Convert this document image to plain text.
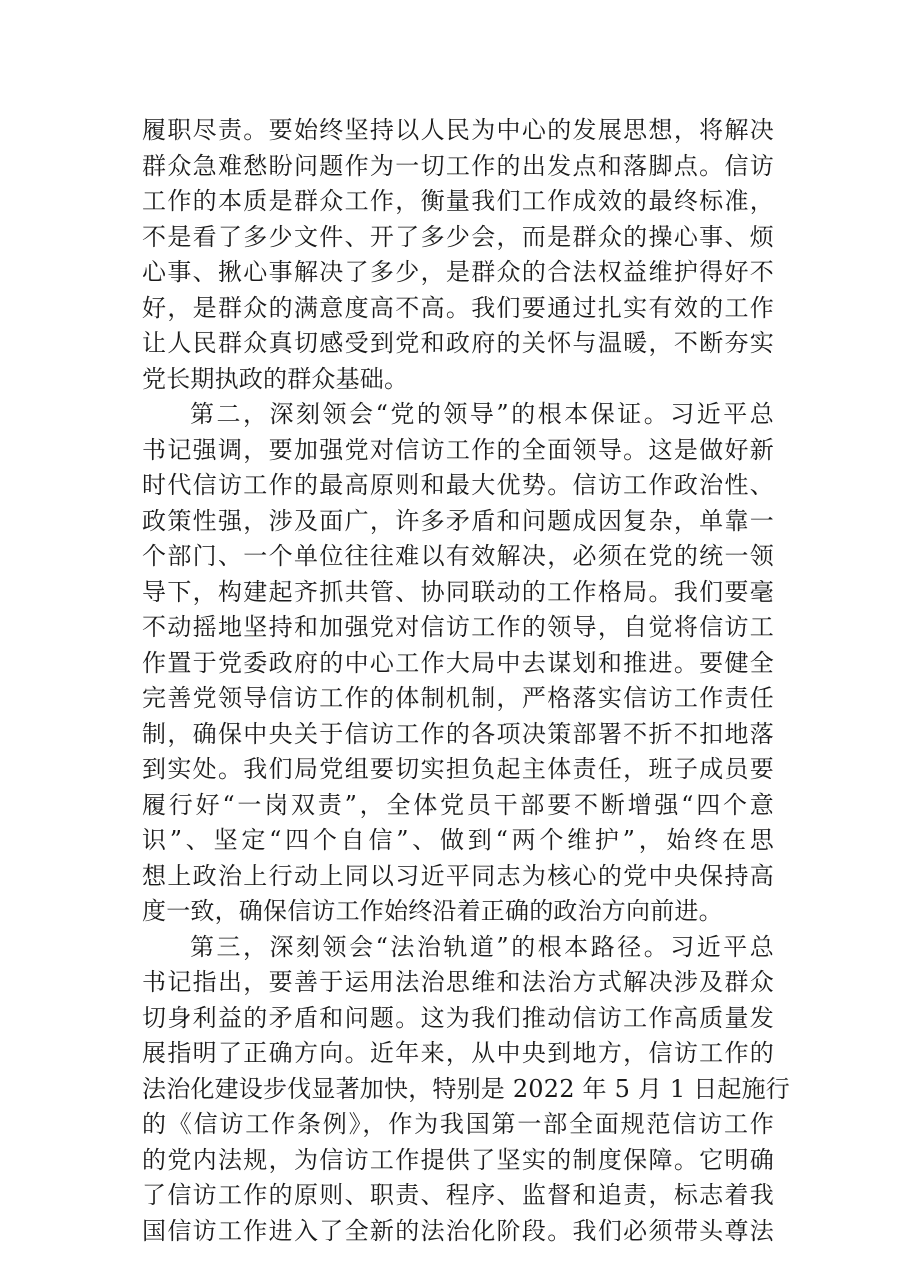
履职尽责。要始终坚持以人民为中心的发展思想，将解决
群众急难愁盼问题作为一切工作的出发点和落脚点。信访
工作的本质是群众工作，衡量我们工作成效的最终标准，
不是看了多少文件、开了多少会，而是群众的操心事、烦
心事、揪心事解决了多少，是群众的合法权益维护得好不
好，是群众的满意度高不高。我们要通过扎实有效的工作
让人民群众真切感受到党和政府的关怀与温暖，不断夯实
党长期执政的群众基础。
第二，深刻领会“党的领导”的根本保证。习近平总
书记强调，要加强党对信访工作的全面领导。这是做好新
时代信访工作的最高原则和最大优势。信访工作政治性、
政策性强，涉及面广，许多矛盾和问题成因复杂，单靠一
个部门、一个单位往往难以有效解决，必须在党的统一领
导下，构建起齐抓共管、协同联动的工作格局。我们要毫
不动摇地坚持和加强党对信访工作的领导，自觉将信访工
作置于党委政府的中心工作大局中去谋划和推进。要健全
完善党领导信访工作的体制机制，严格落实信访工作责任
制，确保中央关于信访工作的各项决策部署不折不扣地落
到实处。我们局党组要切实担负起主体责任，班子成员要
履行好“一岗双责”，全体党员干部要不断增强“四个意
识”、坚定“四个自信”、做到“两个维护”，始终在思
想上政治上行动上同以习近平同志为核心的党中央保持高
度一致，确保信访工作始终沿着正确的政治方向前进。
第三，深刻领会“法治轨道”的根本路径。习近平总
书记指出，要善于运用法治思维和法治方式解决涉及群众
切身利益的矛盾和问题。这为我们推动信访工作高质量发
展指明了正确方向。近年来，从中央到地方，信访工作的
法治化建设步伐显著加快，特别是 2022 年 5 月 1 日起施行
的《信访工作条例》，作为我国第一部全面规范信访工作
的党内法规，为信访工作提供了坚实的制度保障。它明确
了信访工作的原则、职责、程序、监督和追责，标志着我
国信访工作进入了全新的法治化阶段。我们必须带头尊法
